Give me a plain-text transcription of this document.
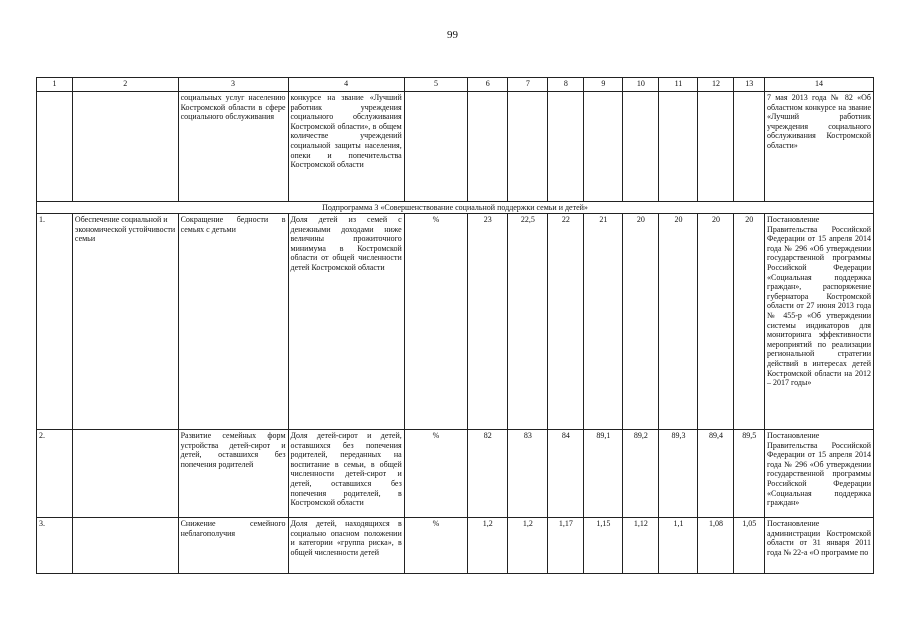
99
1	2	3	4	5	6	7	8	9	10	11	12	13	14
		социальных услуг населению Костромской области в сфере социального обслуживания	конкурсе на звание «Лучший работник учреждения социального обслуживания Костромской области», в общем количестве учреждений социальной защиты населения, опеки и попечительства Костромской области										7 мая 2013 года № 82 «Об областном конкурсе на звание «Лучший работник учреждения социального обслуживания Костромской области»
Подпрограмма 3 «Совершенствование социальной поддержки семьи и детей»													
1.	Обеспечение социальной и экономической устойчивости семьи	Сокращение бедности в семьях с детьми	Доля детей из семей с денежными доходами ниже величины прожиточного минимума в Костромской области от общей численности детей Костромской области	%	23	22,5	22	21	20	20	20	20	Постановление Правительства Российской Федерации от 15 апреля 2014 года № 296 «Об утверждении государственной программы Российской Федерации «Социальная поддержка граждан», распоряжение губернатора Костромской области от 27 июня 2013 года № 455-р «Об утверждении системы индикаторов для мониторинга эффективности мероприятий по реализации региональной стратегии действий в интересах детей Костромской области на 2012 – 2017 годы»
2.		Развитие семейных форм устройства детей-сирот и детей, оставшихся без попечения родителей	Доля детей-сирот и детей, оставшихся без попечения родителей, переданных на воспитание в семьи, в общей численности детей-сирот и детей, оставшихся без попечения родителей, в Костромской области	%	82	83	84	89,1	89,2	89,3	89,4	89,5	Постановление Правительства Российской Федерации от 15 апреля 2014 года № 296 «Об утверждении государственной программы Российской Федерации «Социальная поддержка граждан»
3.		Снижение семейного неблагополучия	Доля детей, находящихся в социально опасном положении и категории «группа риска», в общей численности детей	%	1,2	1,2	1,17	1,15	1,12	1,1	1,08	1,05	Постановление администрации Костромской области от 31 января 2011 года № 22-а «О программе по
